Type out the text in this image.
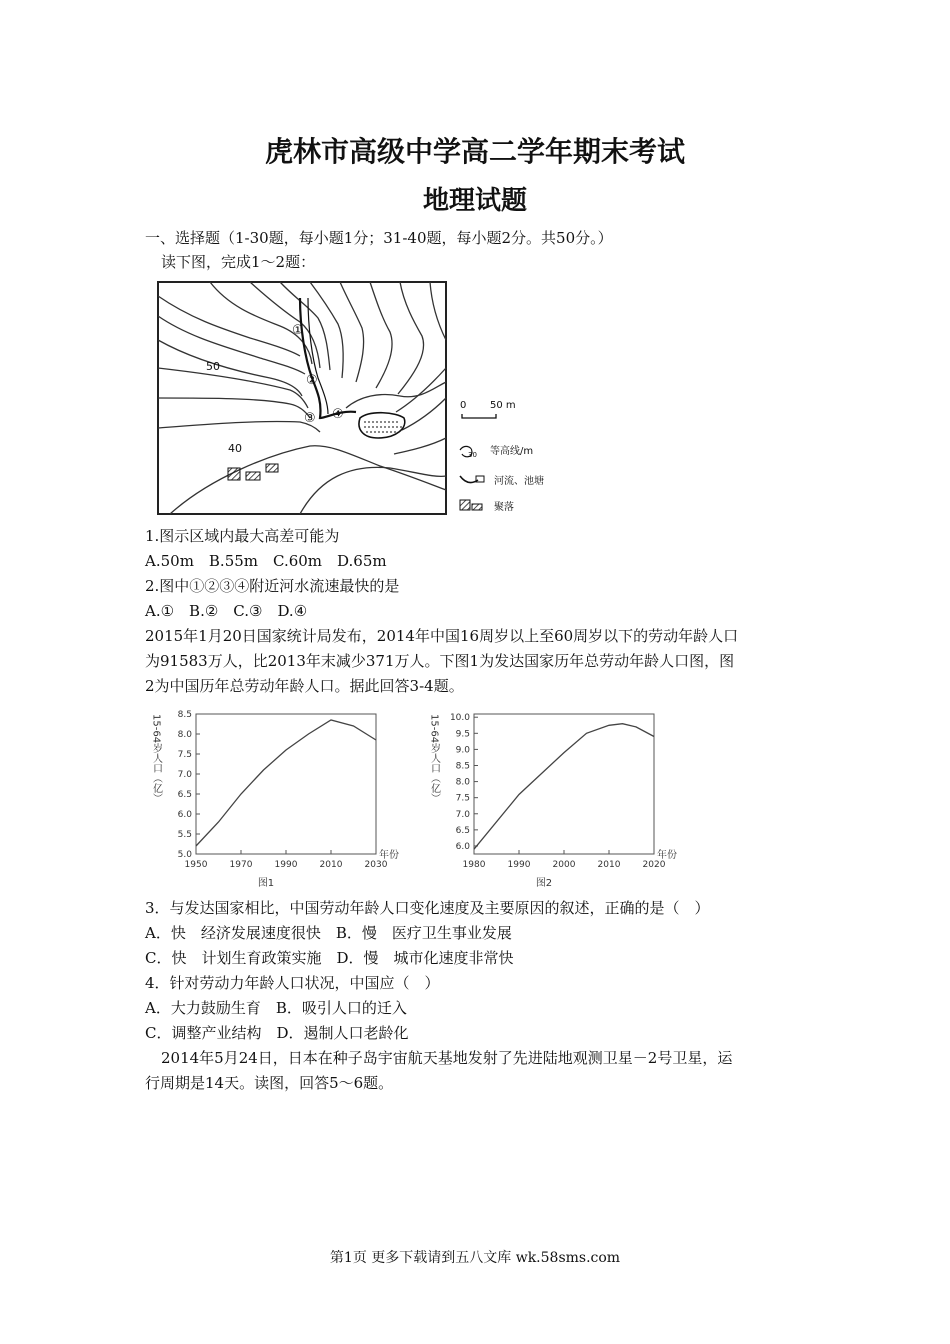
虎林市高级中学高二学年期末考试
地理试题
一、选择题（1-30题，每小题1分；31-40题，每小题2分。共50分。）
读下图，完成1～2题：
50
40
①
②
③ ④
0 50 m
30 等高线/m
河流、池塘
聚落
1.图示区域内最大高差可能为
A.50m　B.55m　C.60m　D.65m
2.图中①②③④附近河水流速最快的是
A.①　B.②　C.③　D.④
2015年1月20日国家统计局发布，2014年中国16周岁以上至60周岁以下的劳动年龄人口
为91583万人，比2013年末减少371万人。下图1为发达国家历年总劳动年龄人口图，图
2为中国历年总劳动年龄人口。据此回答3-4题。
5.0
5.5
6.0
6.5
7.0
7.5
8.0
8.5
1950 1970 1990 2010 2030
年份
15-64岁人口（亿）
图1
6.0
6.5
7.0
7.5
8.0
8.5
9.0
9.5
10.0
1980 1990 2000 2010 2020
年份
15-64岁人口（亿）
图2
3．与发达国家相比，中国劳动年龄人口变化速度及主要原因的叙述，正确的是（　）
A．快　经济发展速度很快　B．慢　医疗卫生事业发展
C．快　计划生育政策实施　D．慢　城市化速度非常快
4．针对劳动力年龄人口状况，中国应（　）
A．大力鼓励生育　B．吸引人口的迁入
C．调整产业结构　D．遏制人口老龄化
2014年5月24日，日本在种子岛宇宙航天基地发射了先进陆地观测卫星－2号卫星，运
行周期是14天。读图，回答5～6题。
第1页 更多下载请到五八文库 wk.58sms.com
